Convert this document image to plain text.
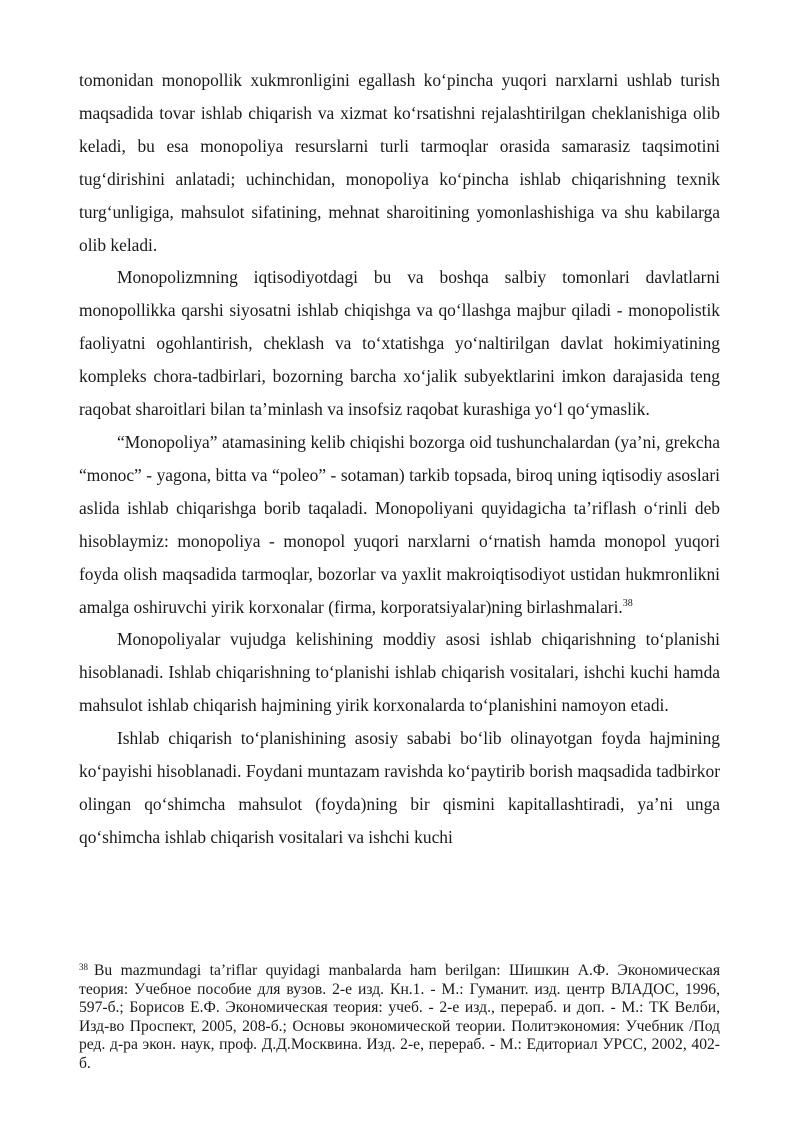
tomonidan monopollik xukmronligini egallash ko‘pincha yuqori narxlarni ushlab turish maqsadida tovar ishlab chiqarish va xizmat ko‘rsatishni rejalashtirilgan cheklanishiga olib keladi, bu esa monopoliya resurslarni turli tarmoqlar orasida samarasiz taqsimotini tug‘dirishini anlatadi; uchinchidan, monopoliya ko‘pincha ishlab chiqarishning texnik turg‘unligiga, mahsulot sifatining, mehnat sharoitining yomonlashishiga va shu kabilarga olib keladi.

Monopolizmning iqtisodiyotdagi bu va boshqa salbiy tomonlari davlatlarni monopollikka qarshi siyosatni ishlab chiqishga va qo‘llashga majbur qiladi - monopolistik faoliyatni ogohlantirish, cheklash va to‘xtatishga yo‘naltirilgan davlat hokimiyatining kompleks chora-tadbirlari, bozorning barcha xo‘jalik subyektlarini imkon darajasida teng raqobat sharoitlari bilan ta’minlash va insofsiz raqobat kurashiga yo‘l qo‘ymaslik.

“Monopoliya” atamasining kelib chiqishi bozorga oid tushunchalardan (ya’ni, grekcha “monoc” - yagona, bitta va “poleo” - sotaman) tarkib topsada, biroq uning iqtisodiy asoslari aslida ishlab chiqarishga borib taqaladi. Monopoliyani quyidagicha ta’riflash o‘rinli deb hisoblaymiz: monopoliya - monopol yuqori narxlarni o‘rnatish hamda monopol yuqori foyda olish maqsadida tarmoqlar, bozorlar va yaxlit makroiqtisodiyot ustidan hukmronlikni amalga oshiruvchi yirik korxonalar (firma, korporatsiyalar)ning birlashmalari.$^{38}$

Monopoliyalar vujudga kelishining moddiy asosi ishlab chiqarishning to‘planishi hisoblanadi. Ishlab chiqarishning to‘planishi ishlab chiqarish vositalari, ishchi kuchi hamda mahsulot ishlab chiqarish hajmining yirik korxonalarda to‘planishini namoyon etadi.

Ishlab chiqarish to‘planishining asosiy sababi bo‘lib olinayotgan foyda hajmining ko‘payishi hisoblanadi. Foydani muntazam ravishda ko‘paytirib borish maqsadida tadbirkor olingan qo‘shimcha mahsulot (foyda)ning bir qismini kapitallashtiradi, ya’ni unga qo‘shimcha ishlab chiqarish vositalari va ishchi kuchi

$^{38}$ Bu mazmundagi ta’riflar quyidagi manbalarda ham berilgan: Шишкин А.Ф. Экономическая теория: Учебное пособие для вузов. 2-е изд. Кн.1. - М.: Гуманит. изд. центр ВЛАДОС, 1996, 597-б.; Борисов Е.Ф. Экономическая теория: учеб. - 2-е изд., перераб. и доп. - М.: ТК Велби, Изд-во Проспект, 2005, 208-б.; Основы экономической теории. Политэкономия: Учебник /Под ред. д-ра экон. наук, проф. Д.Д.Москвина. Изд. 2-е, перераб. - М.: Едиториал УРСС, 2002, 402-б.
